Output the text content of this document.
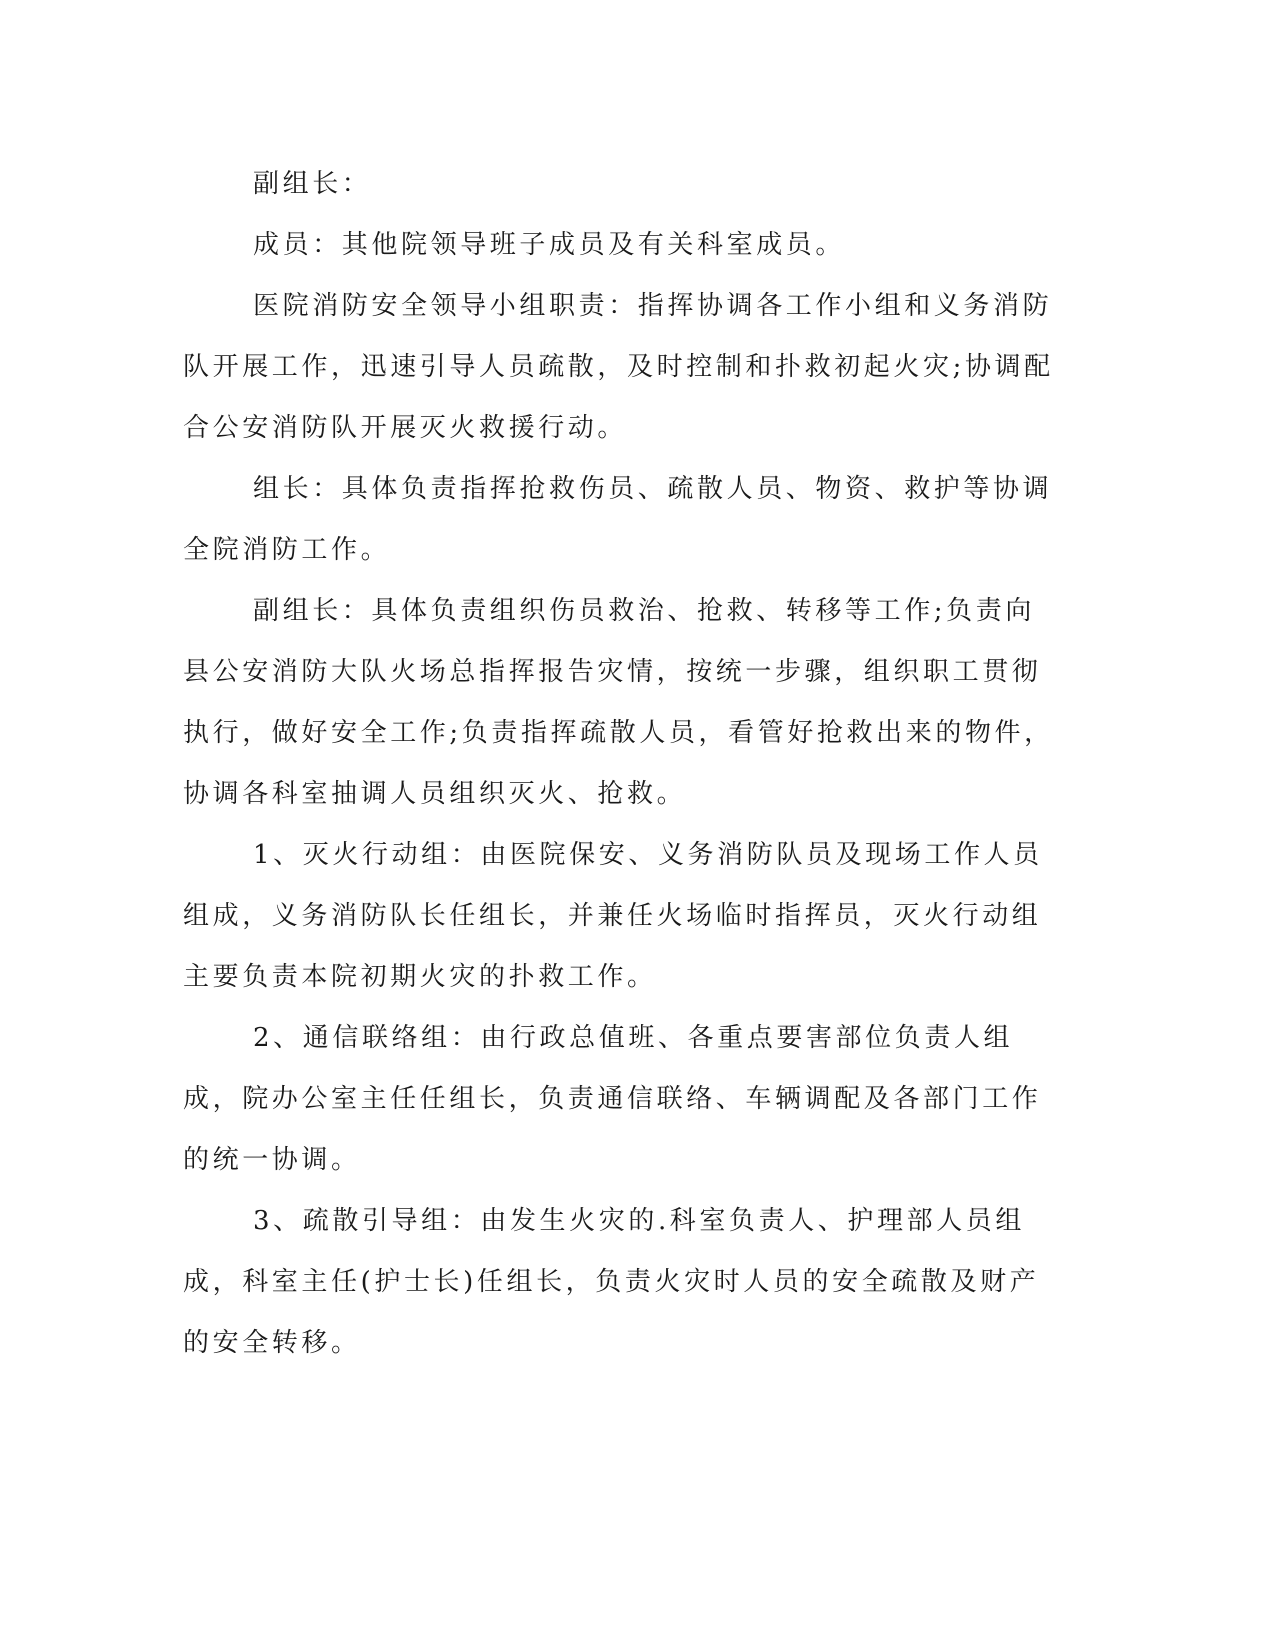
副组长：

成员：其他院领导班子成员及有关科室成员。

医院消防安全领导小组职责：指挥协调各工作小组和义务消防队开展工作，迅速引导人员疏散，及时控制和扑救初起火灾;协调配合公安消防队开展灭火救援行动。

组长：具体负责指挥抢救伤员、疏散人员、物资、救护等协调全院消防工作。

副组长：具体负责组织伤员救治、抢救、转移等工作;负责向县公安消防大队火场总指挥报告灾情，按统一步骤，组织职工贯彻执行，做好安全工作;负责指挥疏散人员，看管好抢救出来的物件，协调各科室抽调人员组织灭火、抢救。

1、灭火行动组：由医院保安、义务消防队员及现场工作人员组成，义务消防队长任组长，并兼任火场临时指挥员，灭火行动组主要负责本院初期火灾的扑救工作。

2、通信联络组：由行政总值班、各重点要害部位负责人组成，院办公室主任任组长，负责通信联络、车辆调配及各部门工作的统一协调。

3、疏散引导组：由发生火灾的.科室负责人、护理部人员组成，科室主任(护士长)任组长，负责火灾时人员的安全疏散及财产的安全转移。
